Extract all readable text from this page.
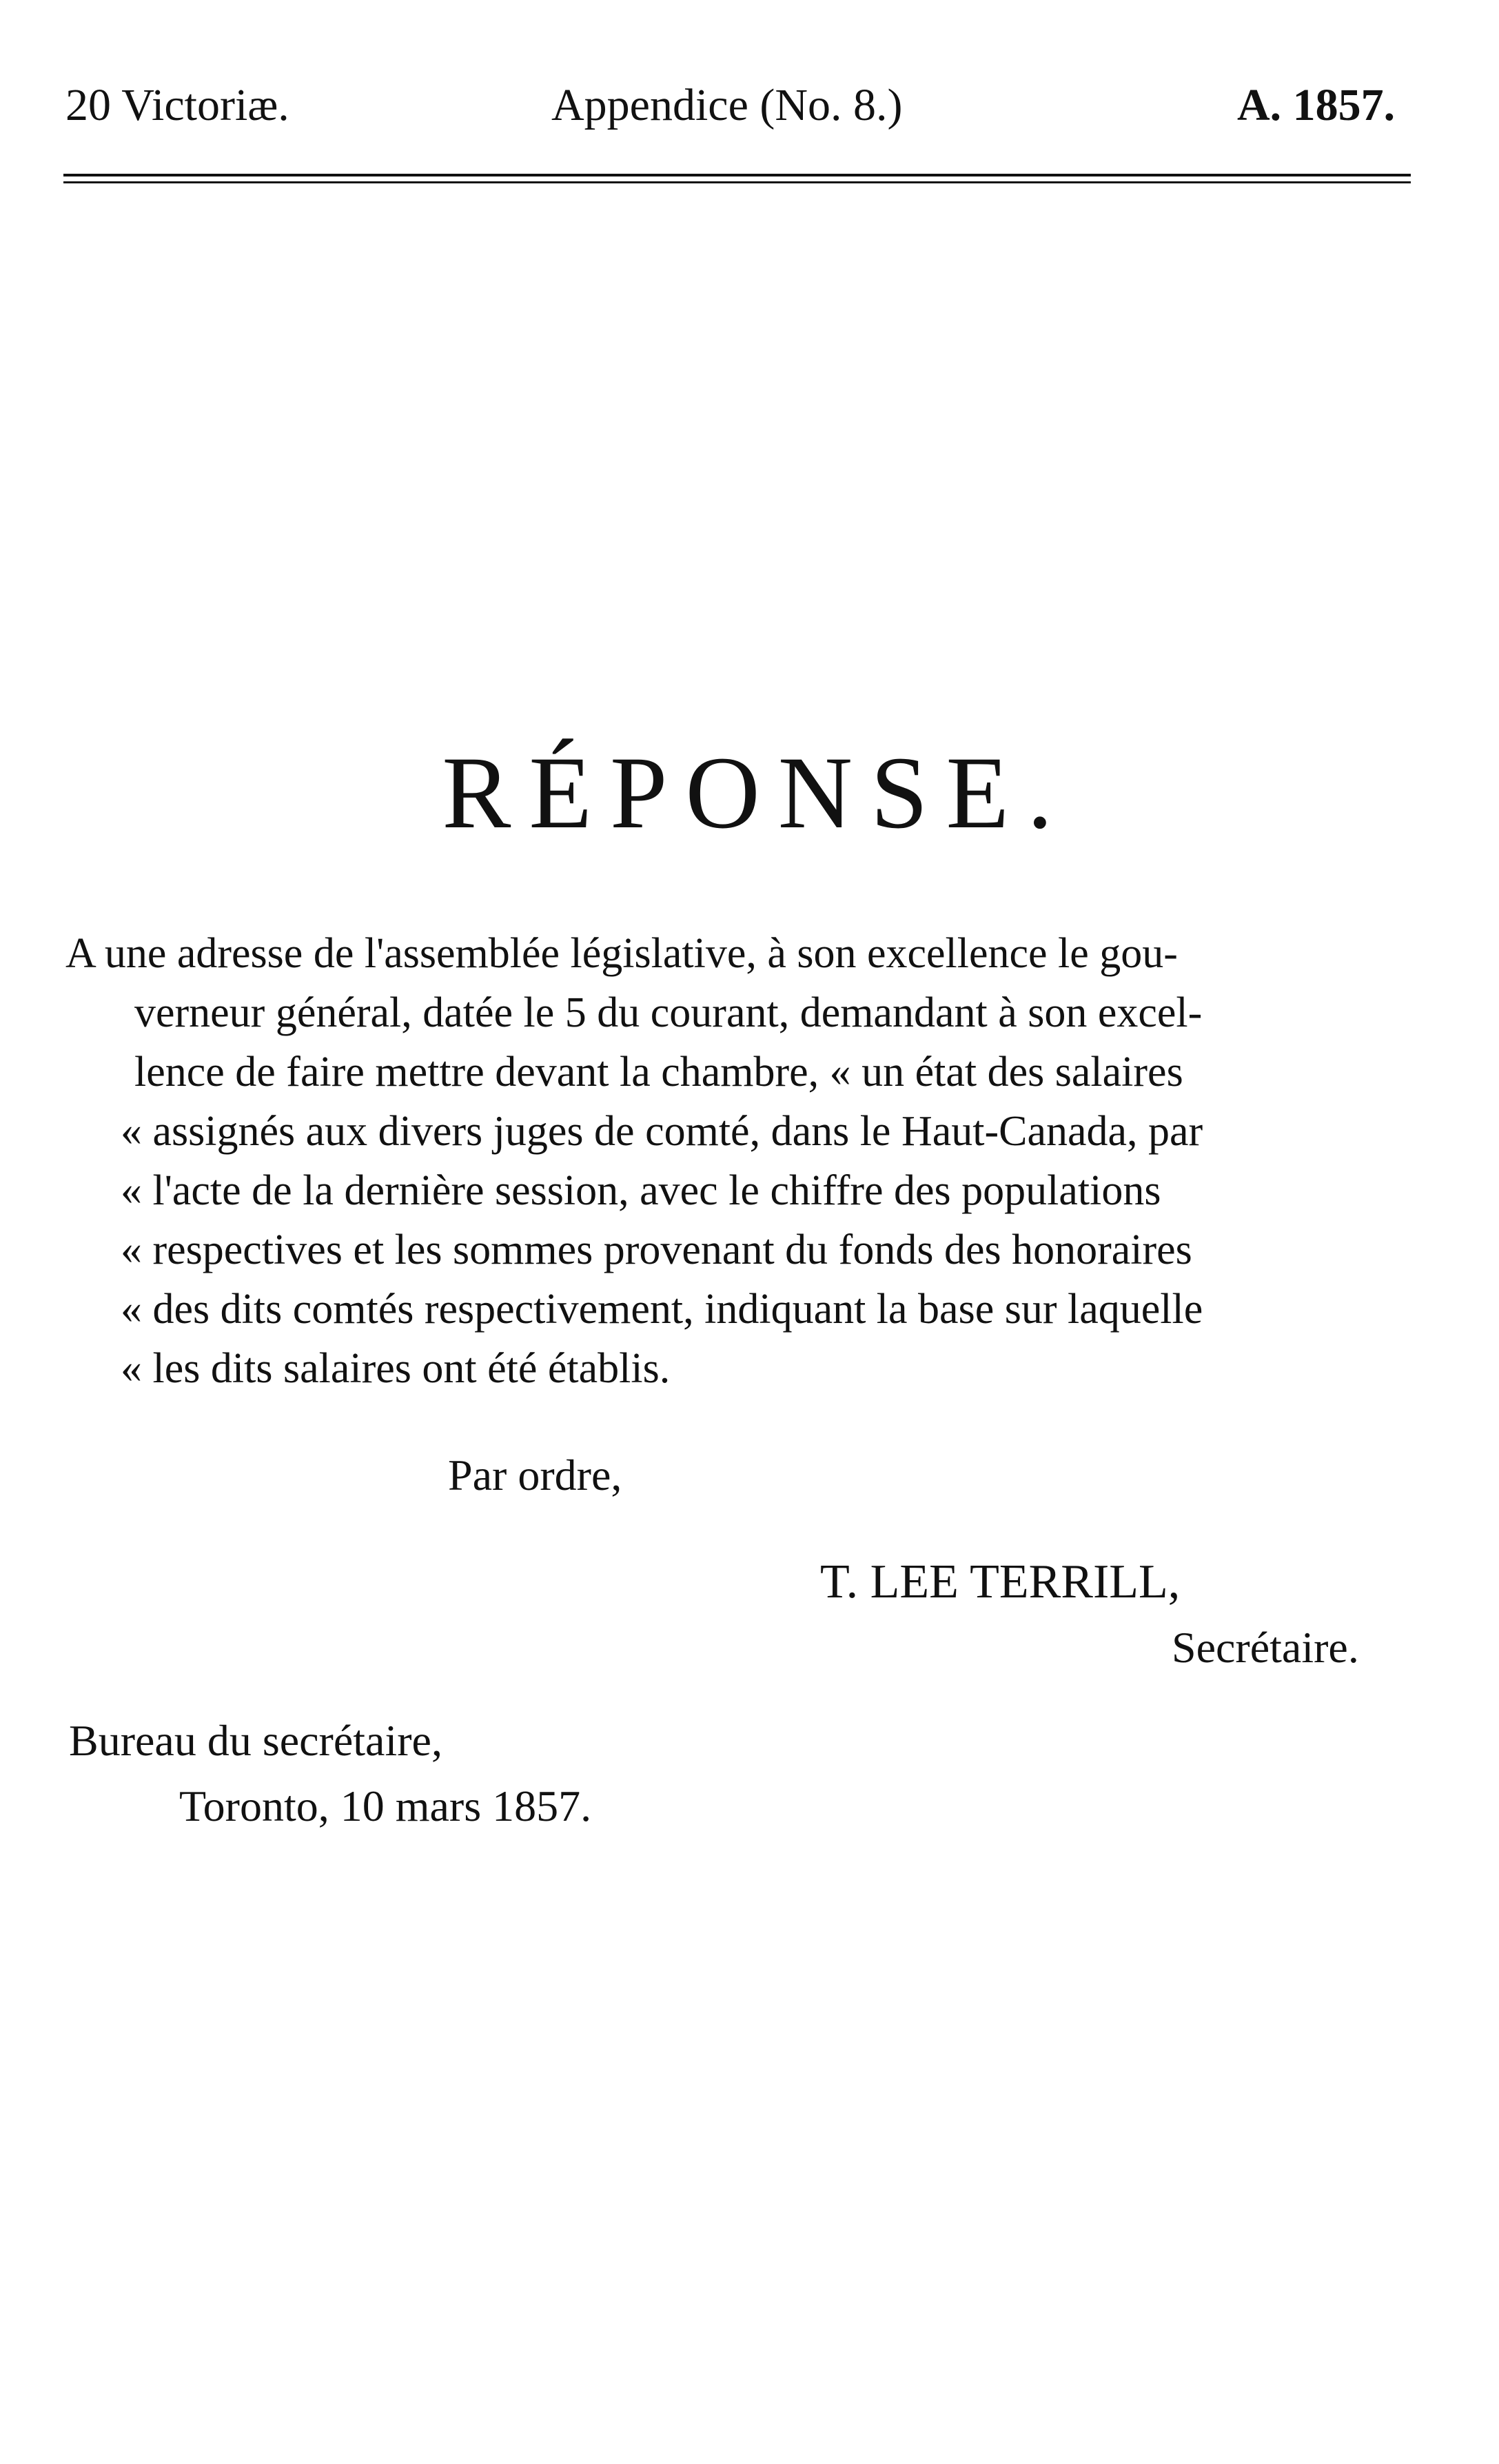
20 Victoriæ.	Appendice (No. 8.)	A. 1857.
RÉPONSE.
A une adresse de l'assemblée législative, à son excellence le gou-
verneur général, datée le 5 du courant, demandant à son excel-
lence de faire mettre devant la chambre, « un état des salaires
« assignés aux divers juges de comté, dans le Haut-Canada, par
« l'acte de la dernière session, avec le chiffre des populations
« respectives et les sommes provenant du fonds des honoraires
« des dits comtés respectivement, indiquant la base sur laquelle
« les dits salaires ont été établis.
Par ordre,
T. LEE TERRILL,
Secrétaire.
Bureau du secrétaire,
Toronto, 10 mars 1857.
